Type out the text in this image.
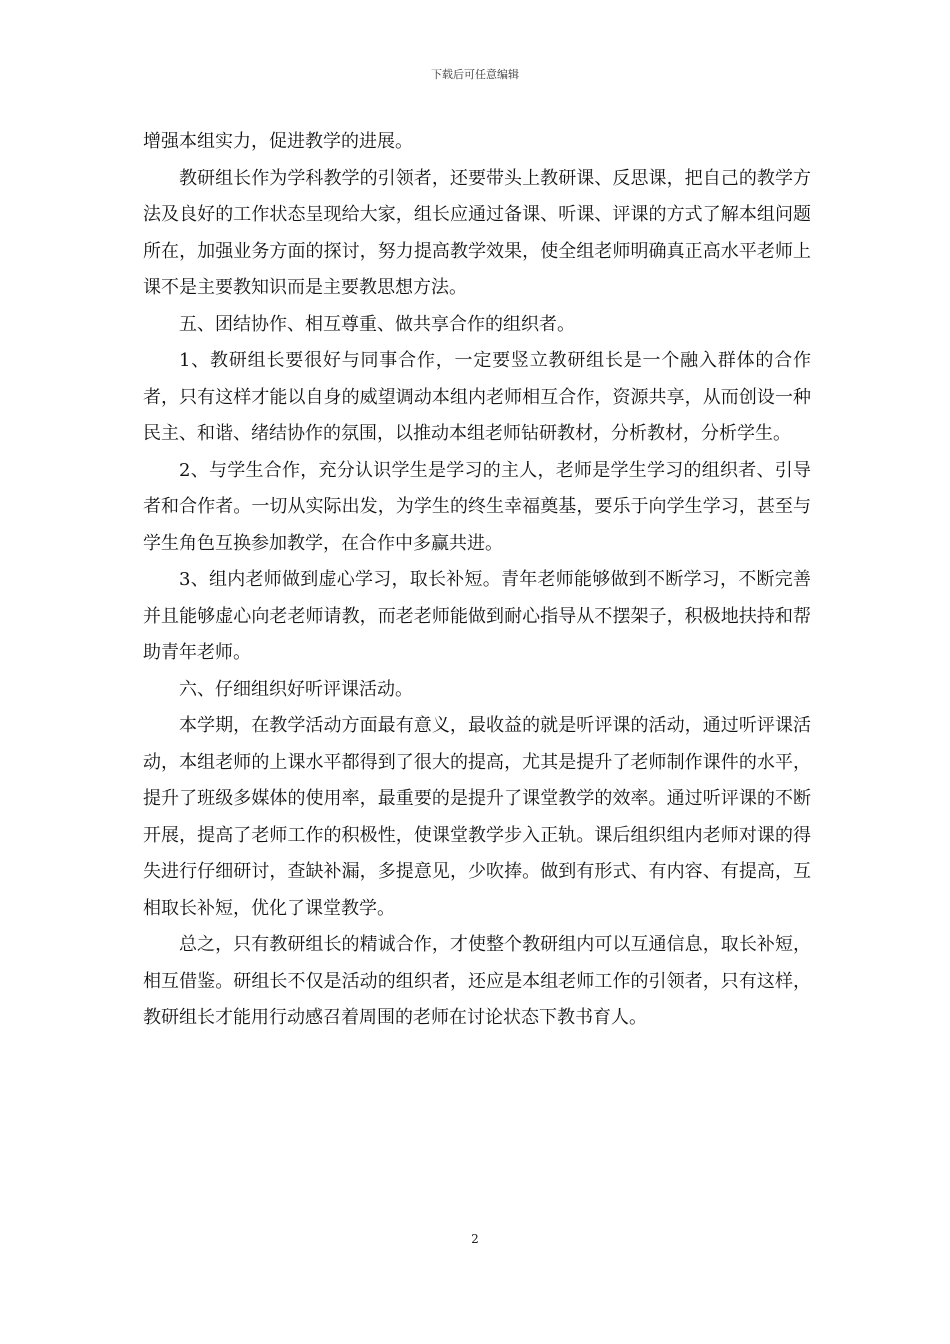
下载后可任意编辑

增强本组实力，促进教学的进展。

教研组长作为学科教学的引领者，还要带头上教研课、反思课，把自己的教学方法及良好的工作状态呈现给大家，组长应通过备课、听课、评课的方式了解本组问题所在，加强业务方面的探讨，努力提高教学效果，使全组老师明确真正高水平老师上课不是主要教知识而是主要教思想方法。

五、团结协作、相互尊重、做共享合作的组织者。

1、教研组长要很好与同事合作，一定要竖立教研组长是一个融入群体的合作者，只有这样才能以自身的威望调动本组内老师相互合作，资源共享，从而创设一种民主、和谐、绪结协作的氛围，以推动本组老师钻研教材，分析教材，分析学生。

2、与学生合作，充分认识学生是学习的主人，老师是学生学习的组织者、引导者和合作者。一切从实际出发，为学生的终生幸福奠基，要乐于向学生学习，甚至与学生角色互换参加教学，在合作中多赢共进。

3、组内老师做到虚心学习，取长补短。青年老师能够做到不断学习，不断完善并且能够虚心向老老师请教，而老老师能做到耐心指导从不摆架子，积极地扶持和帮助青年老师。

六、仔细组织好听评课活动。

本学期，在教学活动方面最有意义，最收益的就是听评课的活动，通过听评课活动，本组老师的上课水平都得到了很大的提高，尤其是提升了老师制作课件的水平，提升了班级多媒体的使用率，最重要的是提升了课堂教学的效率。通过听评课的不断开展，提高了老师工作的积极性，使课堂教学步入正轨。课后组织组内老师对课的得失进行仔细研讨，查缺补漏，多提意见，少吹捧。做到有形式、有内容、有提高，互相取长补短，优化了课堂教学。

总之，只有教研组长的精诚合作，才使整个教研组内可以互通信息，取长补短，相互借鉴。研组长不仅是活动的组织者，还应是本组老师工作的引领者，只有这样，教研组长才能用行动感召着周围的老师在讨论状态下教书育人。

2
